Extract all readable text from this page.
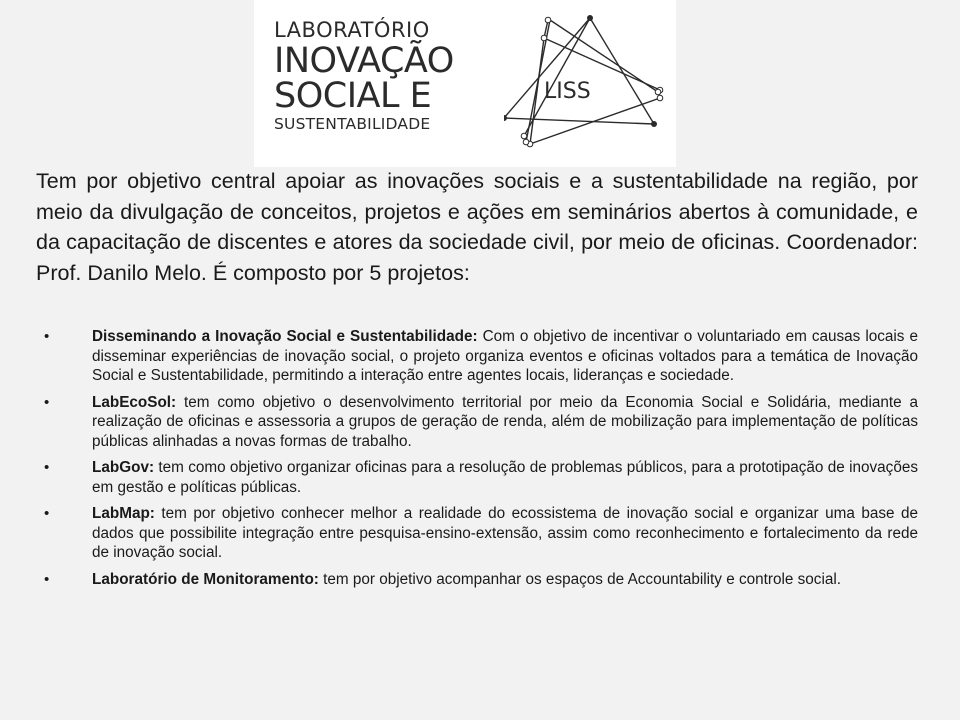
LABORATÓRIO
INOVAÇÃO
SOCIAL E
SUSTENTABILIDADE
LISS

Tem por objetivo central apoiar as inovações sociais e a sustentabilidade na região, por meio da divulgação de conceitos, projetos e ações em seminários abertos à comunidade, e da capacitação de discentes e atores da sociedade civil, por meio de oficinas. Coordenador: Prof. Danilo Melo. É composto por 5 projetos:

•	Disseminando a Inovação Social e Sustentabilidade: Com o objetivo de incentivar o voluntariado em causas locais e disseminar experiências de inovação social, o projeto organiza eventos e oficinas voltados para a temática de Inovação Social e Sustentabilidade, permitindo a interação entre agentes locais, lideranças e sociedade.
•	LabEcoSol: tem como objetivo o desenvolvimento territorial por meio da Economia Social e Solidária, mediante a realização de oficinas e assessoria a grupos de geração de renda, além de mobilização para implementação de políticas públicas alinhadas a novas formas de trabalho.
•	LabGov: tem como objetivo organizar oficinas para a resolução de problemas públicos, para a prototipação de inovações em gestão e políticas públicas.
•	LabMap: tem por objetivo conhecer melhor a realidade do ecossistema de inovação social e organizar uma base de dados que possibilite integração entre pesquisa-ensino-extensão, assim como reconhecimento e fortalecimento da rede de inovação social.
•	Laboratório de Monitoramento: tem por objetivo acompanhar os espaços de Accountability e controle social.
